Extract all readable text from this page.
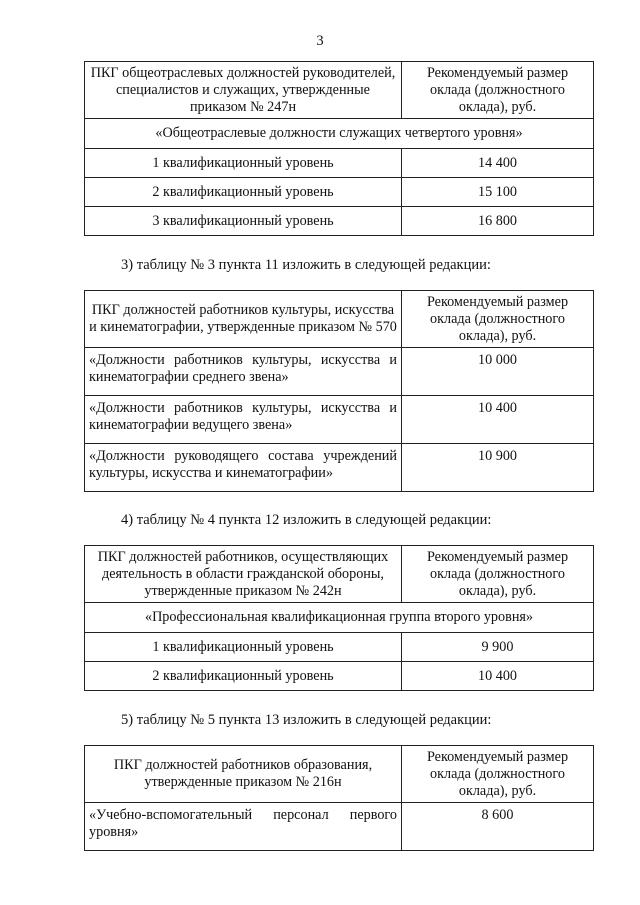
3
ПКГ общеотраслевых должностей руководителей, специалистов и служащих, утвержденные приказом № 247н	Рекомендуемый размер оклада (должностного оклада), руб.
«Общеотраслевые должности служащих четвертого уровня»	
1 квалификационный уровень	14 400
2 квалификационный уровень	15 100
3 квалификационный уровень	16 800
3) таблицу № 3 пункта 11 изложить в следующей редакции:
ПКГ должностей работников культуры, искусства и кинематографии, утвержденные приказом № 570	Рекомендуемый размер оклада (должностного оклада), руб.
«Должности работников культуры, искусства и кинематографии среднего звена»	10 000
«Должности работников культуры, искусства и кинематографии ведущего звена»	10 400
«Должности руководящего состава учреждений культуры, искусства и кинематографии»	10 900
4) таблицу № 4 пункта 12 изложить в следующей редакции:
ПКГ должностей работников, осуществляющих деятельность в области гражданской обороны, утвержденные приказом № 242н	Рекомендуемый размер оклада (должностного оклада), руб.
«Профессиональная квалификационная группа второго уровня»	
1 квалификационный уровень	9 900
2 квалификационный уровень	10 400
5) таблицу № 5 пункта 13 изложить в следующей редакции:
ПКГ должностей работников образования, утвержденные приказом № 216н	Рекомендуемый размер оклада (должностного оклада), руб.
«Учебно-вспомогательный персонал первого уровня»	8 600
